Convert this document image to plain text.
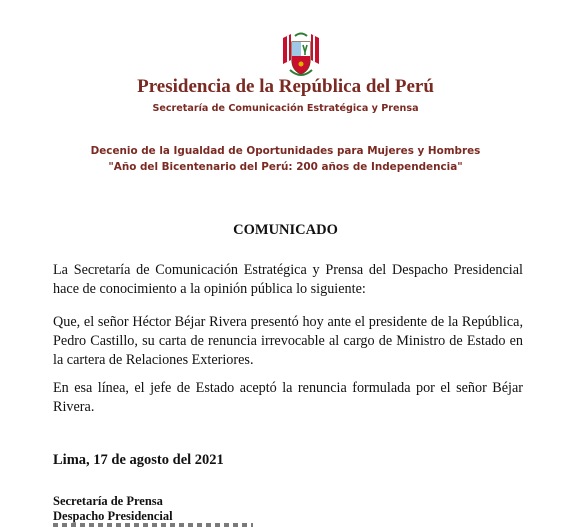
Presidencia de la República del Perú
Secretaría de Comunicación Estratégica y Prensa
Decenio de la Igualdad de Oportunidades para Mujeres y Hombres
"Año del Bicentenario del Perú: 200 años de Independencia"
COMUNICADO

La Secretaría de Comunicación Estratégica y Prensa del Despacho Presidencial hace de conocimiento a la opinión pública lo siguiente:

Que, el señor Héctor Béjar Rivera presentó hoy ante el presidente de la República, Pedro Castillo, su carta de renuncia irrevocable al cargo de Ministro de Estado en la cartera de Relaciones Exteriores.

En esa línea, el jefe de Estado aceptó la renuncia formulada por el señor Béjar Rivera.

Lima, 17 de agosto del 2021
Secretaría de Prensa
Despacho Presidencial
